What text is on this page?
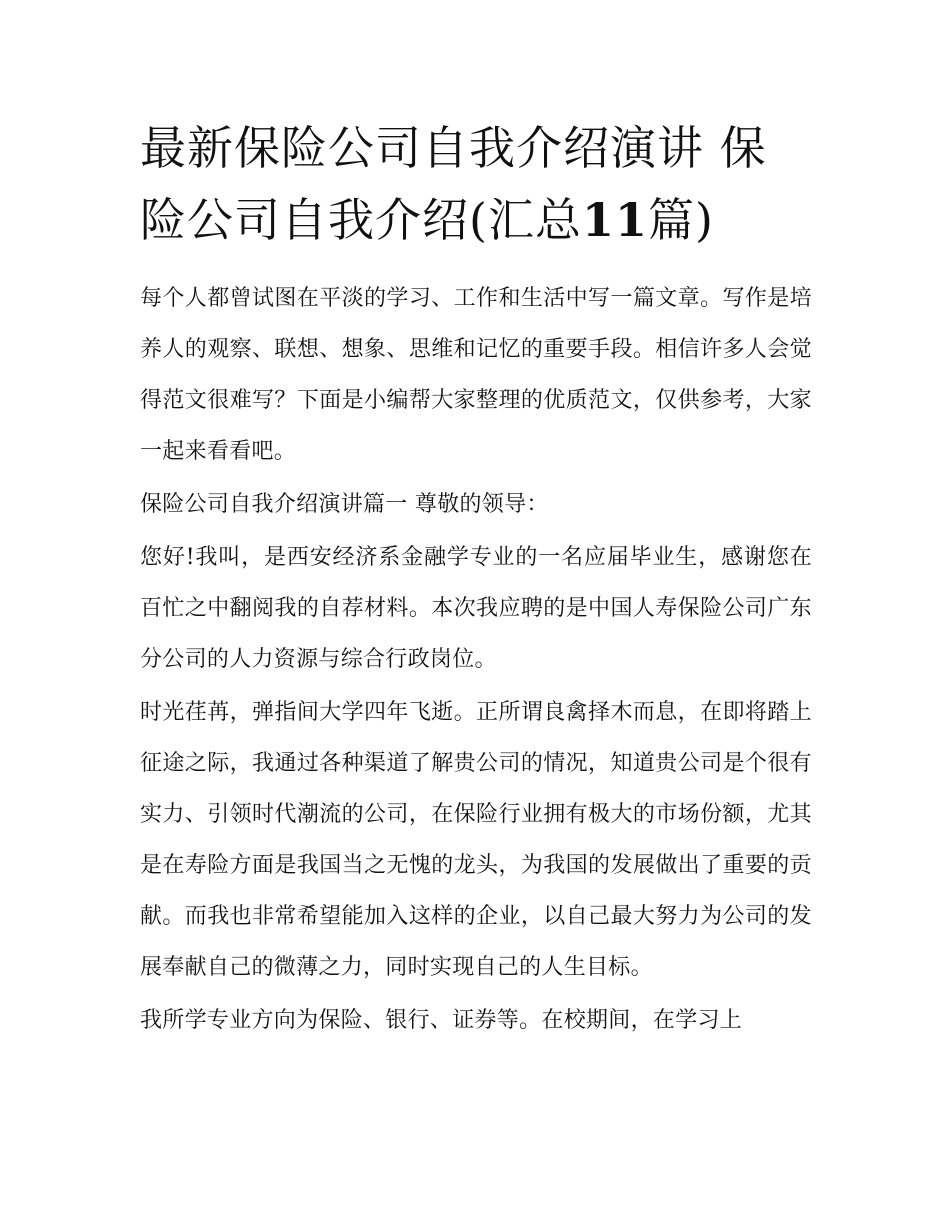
最新保险公司自我介绍演讲 保险公司自我介绍(汇总11篇)

每个人都曾试图在平淡的学习、工作和生活中写一篇文章。写作是培养人的观察、联想、想象、思维和记忆的重要手段。相信许多人会觉得范文很难写？下面是小编帮大家整理的优质范文，仅供参考，大家一起来看看吧。

保险公司自我介绍演讲篇一 尊敬的领导：

您好!我叫，是西安经济系金融学专业的一名应届毕业生，感谢您在百忙之中翻阅我的自荐材料。本次我应聘的是中国人寿保险公司广东分公司的人力资源与综合行政岗位。

时光荏苒，弹指间大学四年飞逝。正所谓良禽择木而息，在即将踏上征途之际，我通过各种渠道了解贵公司的情况，知道贵公司是个很有实力、引领时代潮流的公司，在保险行业拥有极大的市场份额，尤其是在寿险方面是我国当之无愧的龙头，为我国的发展做出了重要的贡献。而我也非常希望能加入这样的企业，以自己最大努力为公司的发展奉献自己的微薄之力，同时实现自己的人生目标。

我所学专业方向为保险、银行、证券等。在校期间，在学习上
